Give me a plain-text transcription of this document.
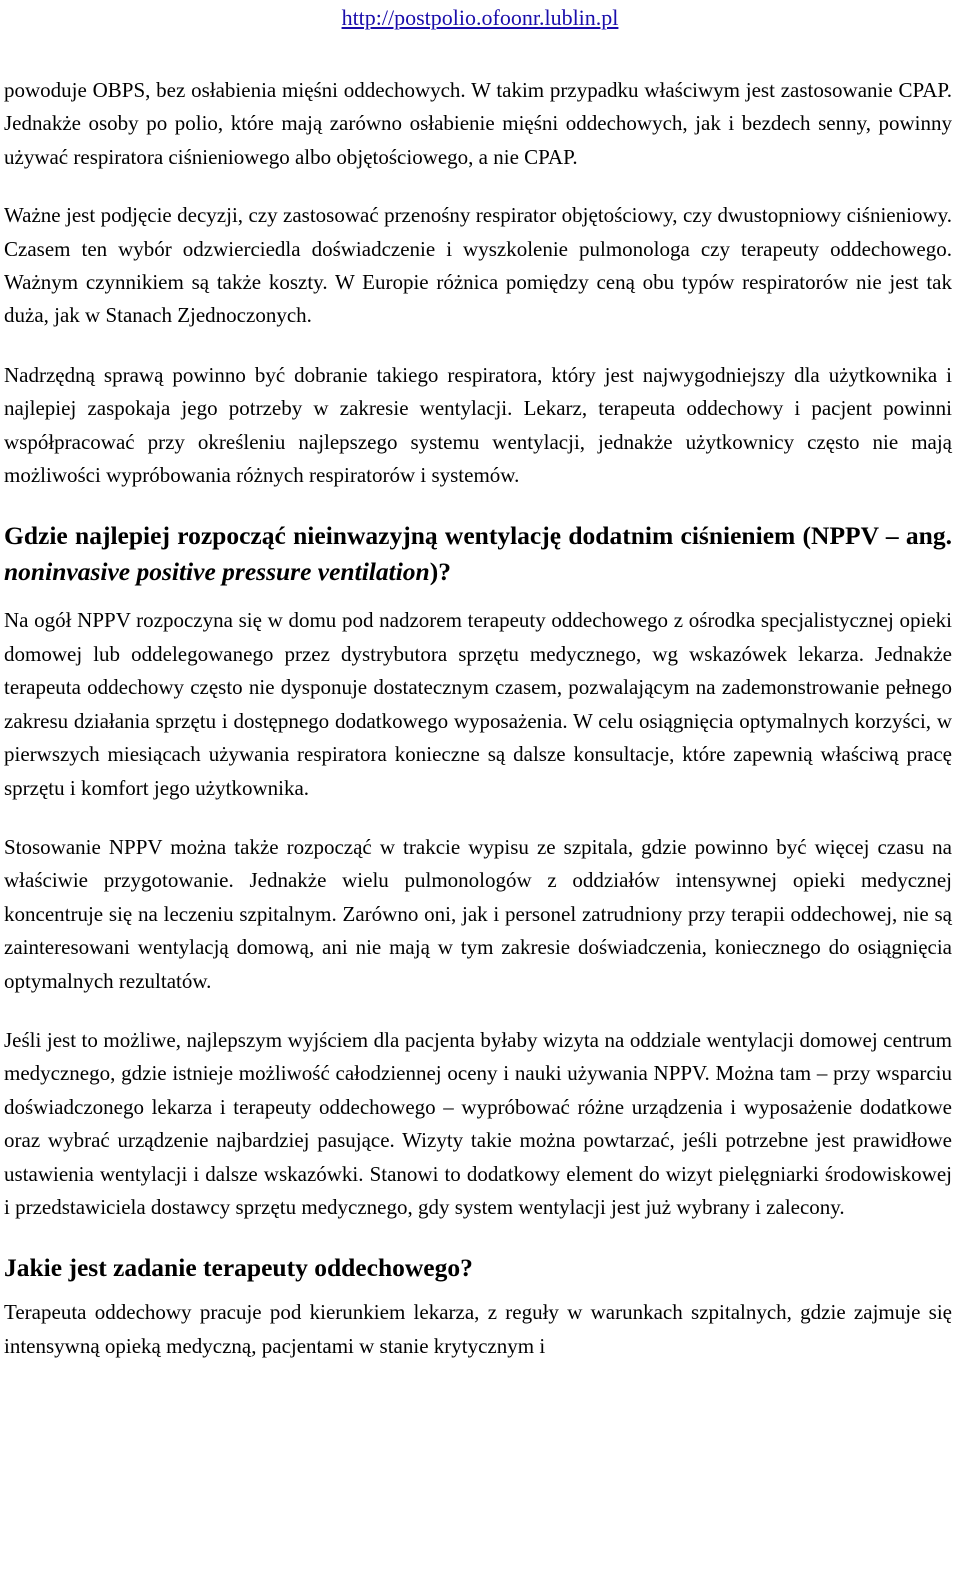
http://postpolio.ofoonr.lublin.pl

powoduje OBPS, bez osłabienia mięśni oddechowych. W takim przypadku właściwym jest zastosowanie CPAP. Jednakże osoby po polio, które mają zarówno osłabienie mięśni oddechowych, jak i bezdech senny, powinny używać respiratora ciśnieniowego albo objętościowego, a nie CPAP.

Ważne jest podjęcie decyzji, czy zastosować przenośny respirator objętościowy, czy dwustopniowy ciśnieniowy. Czasem ten wybór odzwierciedla doświadczenie i wyszkolenie pulmonologa czy terapeuty oddechowego. Ważnym czynnikiem są także koszty. W Europie różnica pomiędzy ceną obu typów respiratorów nie jest tak duża, jak w Stanach Zjednoczonych.

Nadrzędną sprawą powinno być dobranie takiego respiratora, który jest najwygodniejszy dla użytkownika i najlepiej zaspokaja jego potrzeby w zakresie wentylacji. Lekarz, terapeuta oddechowy i pacjent powinni współpracować przy określeniu najlepszego systemu wentylacji, jednakże użytkownicy często nie mają możliwości wypróbowania różnych respiratorów i systemów.

Gdzie najlepiej rozpocząć nieinwazyjną wentylację dodatnim ciśnieniem (NPPV – ang. noninvasive positive pressure ventilation)?

Na ogół NPPV rozpoczyna się w domu pod nadzorem terapeuty oddechowego z ośrodka specjalistycznej opieki domowej lub oddelegowanego przez dystrybutora sprzętu medycznego, wg wskazówek lekarza. Jednakże terapeuta oddechowy często nie dysponuje dostatecznym czasem, pozwalającym na zademonstrowanie pełnego zakresu działania sprzętu i dostępnego dodatkowego wyposażenia. W celu osiągnięcia optymalnych korzyści, w pierwszych miesiącach używania respiratora konieczne są dalsze konsultacje, które zapewnią właściwą pracę sprzętu i komfort jego użytkownika.

Stosowanie NPPV można także rozpocząć w trakcie wypisu ze szpitala, gdzie powinno być więcej czasu na właściwie przygotowanie. Jednakże wielu pulmonologów z oddziałów intensywnej opieki medycznej koncentruje się na leczeniu szpitalnym. Zarówno oni, jak i personel zatrudniony przy terapii oddechowej, nie są zainteresowani wentylacją domową, ani nie mają w tym zakresie doświadczenia, koniecznego do osiągnięcia optymalnych rezultatów.

Jeśli jest to możliwe, najlepszym wyjściem dla pacjenta byłaby wizyta na oddziale wentylacji domowej centrum medycznego, gdzie istnieje możliwość całodziennej oceny i nauki używania NPPV. Można tam – przy wsparciu doświadczonego lekarza i terapeuty oddechowego – wypróbować różne urządzenia i wyposażenie dodatkowe oraz wybrać urządzenie najbardziej pasujące. Wizyty takie można powtarzać, jeśli potrzebne jest prawidłowe ustawienia wentylacji i dalsze wskazówki. Stanowi to dodatkowy element do wizyt pielęgniarki środowiskowej i przedstawiciela dostawcy sprzętu medycznego, gdy system wentylacji jest już wybrany i zalecony.

Jakie jest zadanie terapeuty oddechowego?

Terapeuta oddechowy pracuje pod kierunkiem lekarza, z reguły w warunkach szpitalnych, gdzie zajmuje się intensywną opieką medyczną, pacjentami w stanie krytycznym i
